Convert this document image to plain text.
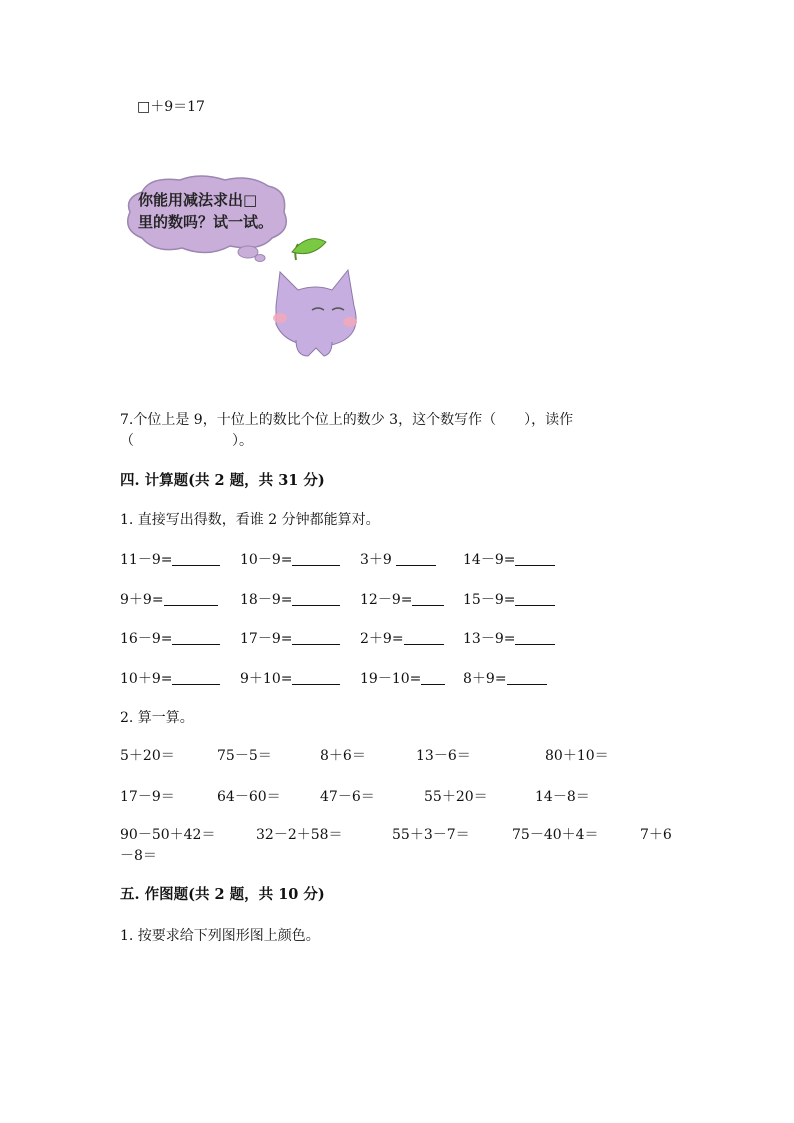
□＋9＝17
你能用减法求出□
里的数吗？试一试。
7.个位上是 9，十位上的数比个位上的数少 3，这个数写作（　　），读作
（　　　　　　　）。
四. 计算题(共 2 题，共 31 分)
1. 直接写出得数，看谁 2 分钟都能算对。
11－9=	10－9=	3＋9	14－9=
9＋9=	18－9=	12－9=	15－9=
16－9=	17－9=	2＋9=	13－9=
10＋9=	9＋10=	19－10=	8＋9=
2. 算一算。
5＋20＝	75－5＝	8＋6＝	13－6＝	80＋10＝
17－9＝	64－60＝	47－6＝	55＋20＝	14－8＝
90－50＋42＝	32－2＋58＝	55＋3－7＝	75－40＋4＝	7＋6
－8＝
五. 作图题(共 2 题，共 10 分)
1. 按要求给下列图形图上颜色。
